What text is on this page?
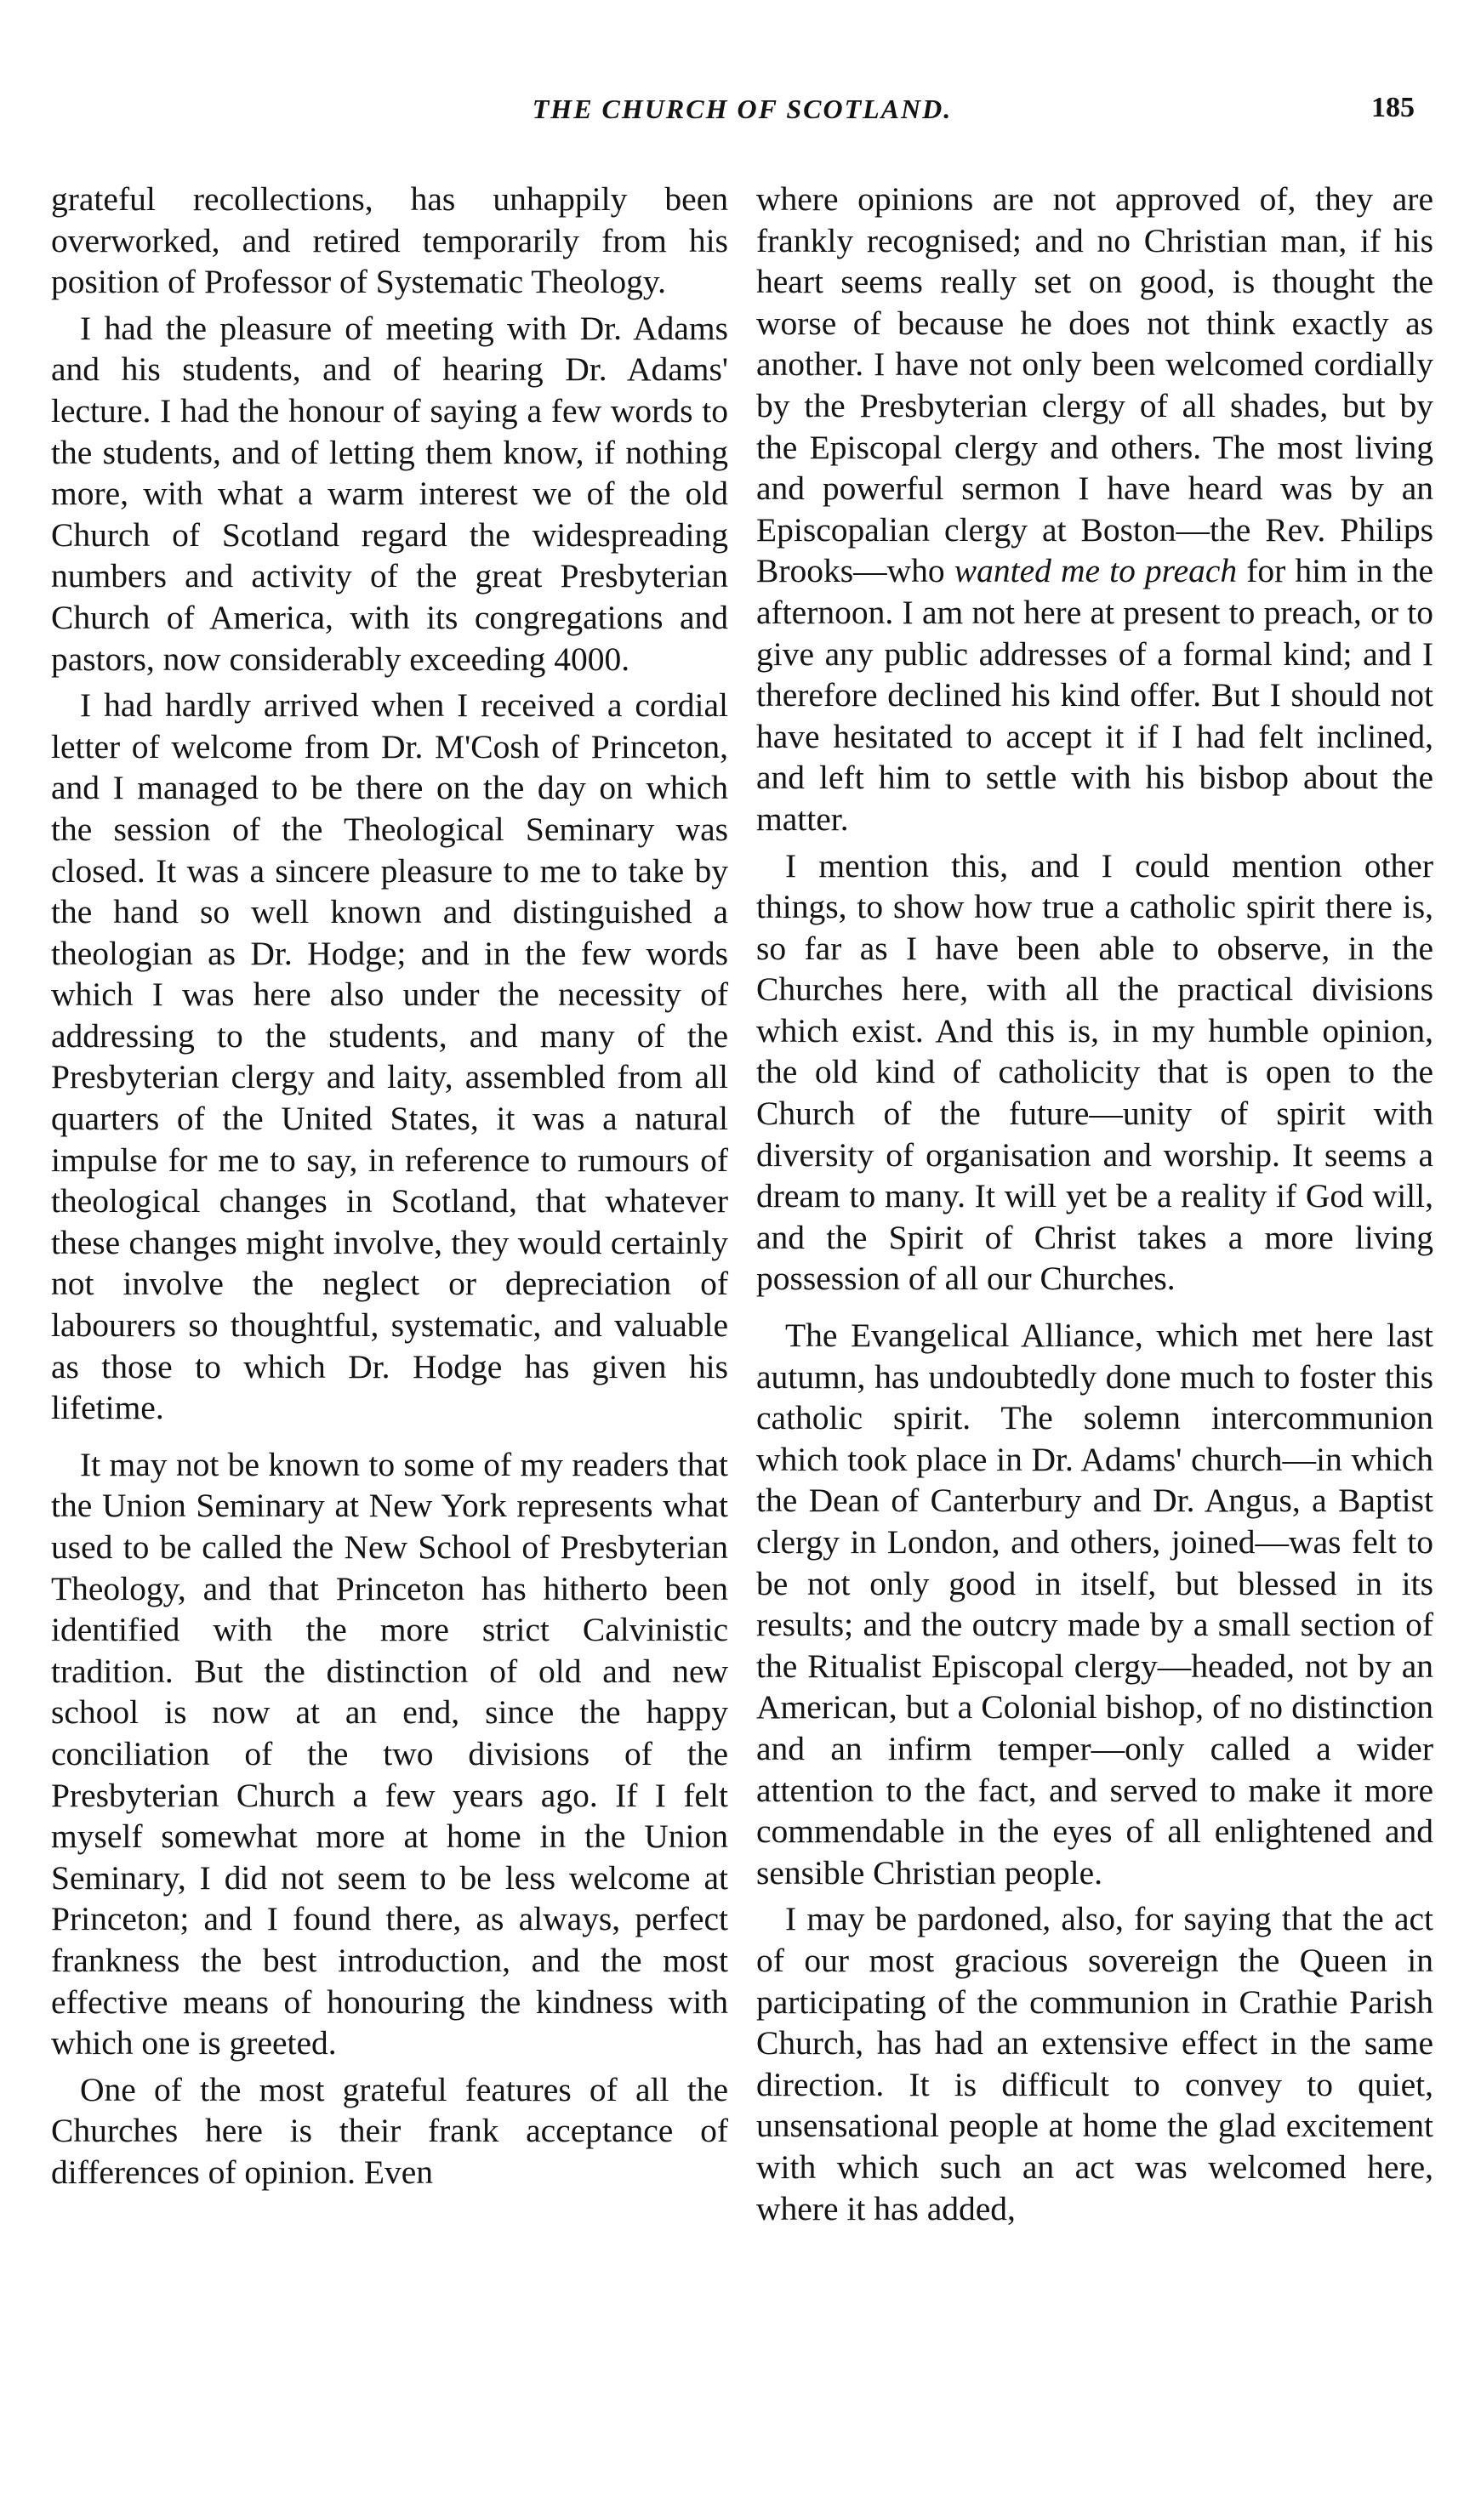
THE CHURCH OF SCOTLAND.	185

grateful recollections, has unhappily been overworked, and retired temporarily from his position of Professor of Systematic Theology.

I had the pleasure of meeting with Dr. Adams and his students, and of hearing Dr. Adams' lecture. I had the honour of saying a few words to the students, and of letting them know, if nothing more, with what a warm interest we of the old Church of Scotland regard the widespreading numbers and activity of the great Presbyterian Church of America, with its congregations and pastors, now considerably exceeding 4000.

I had hardly arrived when I received a cordial letter of welcome from Dr. M'Cosh of Princeton, and I managed to be there on the day on which the session of the Theological Seminary was closed. It was a sincere pleasure to me to take by the hand so well known and distinguished a theologian as Dr. Hodge; and in the few words which I was here also under the necessity of addressing to the students, and many of the Presbyterian clergy and laity, assembled from all quarters of the United States, it was a natural impulse for me to say, in reference to rumours of theological changes in Scotland, that whatever these changes might involve, they would certainly not involve the neglect or depreciation of labourers so thoughtful, systematic, and valuable as those to which Dr. Hodge has given his lifetime.

It may not be known to some of my readers that the Union Seminary at New York represents what used to be called the New School of Presbyterian Theology, and that Princeton has hitherto been identified with the more strict Calvinistic tradition. But the distinction of old and new school is now at an end, since the happy conciliation of the two divisions of the Presbyterian Church a few years ago. If I felt myself somewhat more at home in the Union Seminary, I did not seem to be less welcome at Princeton; and I found there, as always, perfect frankness the best introduction, and the most effective means of honouring the kindness with which one is greeted.

One of the most grateful features of all the Churches here is their frank acceptance of differences of opinion. Even

where opinions are not approved of, they are frankly recognised; and no Christian man, if his heart seems really set on good, is thought the worse of because he does not think exactly as another. I have not only been welcomed cordially by the Presbyterian clergy of all shades, but by the Episcopal clergy and others. The most living and powerful sermon I have heard was by an Episcopalian clergy at Boston—the Rev. Philips Brooks—who wanted me to preach for him in the afternoon. I am not here at present to preach, or to give any public addresses of a formal kind; and I therefore declined his kind offer. But I should not have hesitated to accept it if I had felt inclined, and left him to settle with his bisbop about the matter.

I mention this, and I could mention other things, to show how true a catholic spirit there is, so far as I have been able to observe, in the Churches here, with all the practical divisions which exist. And this is, in my humble opinion, the old kind of catholicity that is open to the Church of the future—unity of spirit with diversity of organisation and worship. It seems a dream to many. It will yet be a reality if God will, and the Spirit of Christ takes a more living possession of all our Churches.

The Evangelical Alliance, which met here last autumn, has undoubtedly done much to foster this catholic spirit. The solemn intercommunion which took place in Dr. Adams' church—in which the Dean of Canterbury and Dr. Angus, a Baptist clergy in London, and others, joined—was felt to be not only good in itself, but blessed in its results; and the outcry made by a small section of the Ritualist Episcopal clergy—headed, not by an American, but a Colonial bishop, of no distinction and an infirm temper—only called a wider attention to the fact, and served to make it more commendable in the eyes of all enlightened and sensible Christian people.

I may be pardoned, also, for saying that the act of our most gracious sovereign the Queen in participating of the communion in Crathie Parish Church, has had an extensive effect in the same direction. It is difficult to convey to quiet, unsensational people at home the glad excitement with which such an act was welcomed here, where it has added,
